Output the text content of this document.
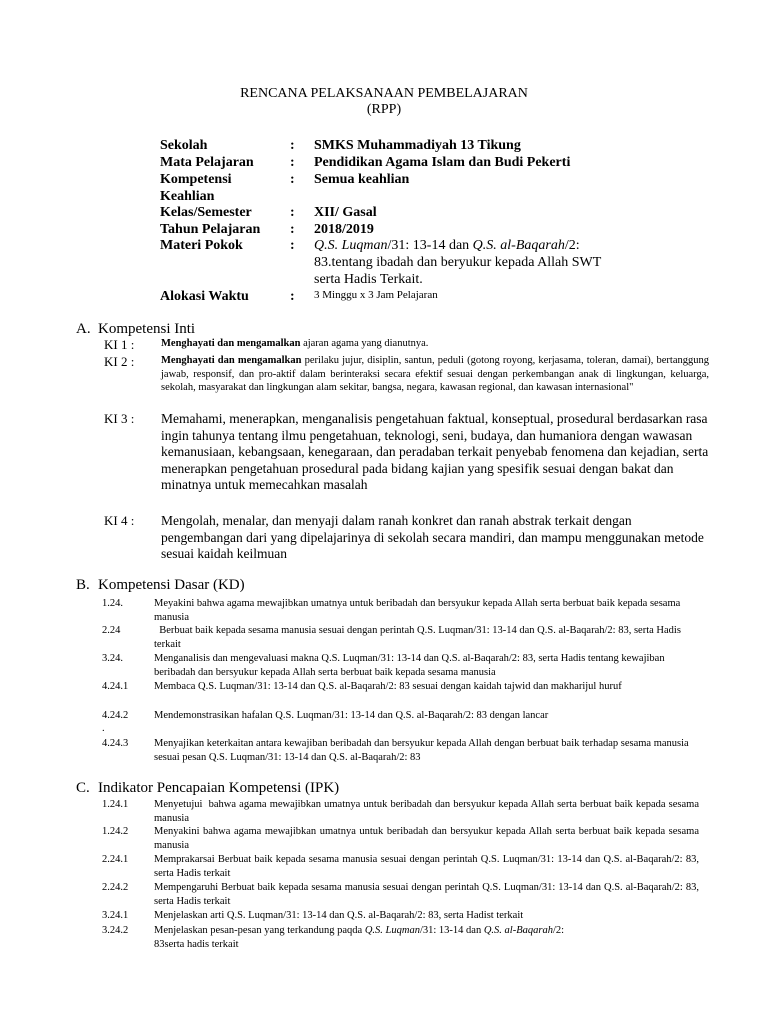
RENCANA PELAKSANAAN PEMBELAJARAN
(RPP)
Sekolah	: SMKS Muhammadiyah 13 Tikung
Mata Pelajaran	: Pendidikan Agama Islam dan Budi Pekerti
Kompetensi	: Semua keahlian
Keahlian
Kelas/Semester	: XII/ Gasal
Tahun Pelajaran	: 2018/2019
Materi Pokok	: Q.S. Luqman/31: 13-14 dan Q.S. al-Baqarah/2:
83.tentang ibadah dan beryukur kepada Allah SWT
serta Hadis Terkait.
Alokasi Waktu	: 3 Minggu x 3 Jam Pelajaran
A. Kompetensi Inti
KI 1 :	Menghayati dan mengamalkan ajaran agama yang dianutnya.
KI 2 :	Menghayati dan mengamalkan perilaku jujur, disiplin, santun, peduli (gotong royong, kerjasama, toleran, damai), bertanggung jawab, responsif, dan pro-aktif dalam berinteraksi secara efektif sesuai dengan perkembangan anak di lingkungan, keluarga, sekolah, masyarakat dan lingkungan alam sekitar, bangsa, negara, kawasan regional, dan kawasan internasional"
KI 3 : Memahami, menerapkan, menganalisis pengetahuan faktual, konseptual, prosedural berdasarkan rasa ingin tahunya tentang ilmu pengetahuan, teknologi, seni, budaya, dan humaniora dengan wawasan kemanusiaan, kebangsaan, kenegaraan, dan peradaban terkait penyebab fenomena dan kejadian, serta menerapkan pengetahuan prosedural pada bidang kajian yang spesifik sesuai dengan bakat dan minatnya untuk memecahkan masalah
KI 4 : Mengolah, menalar, dan menyaji dalam ranah konkret dan ranah abstrak terkait dengan pengembangan dari yang dipelajarinya di sekolah secara mandiri, dan mampu menggunakan metode sesuai kaidah keilmuan
B. Kompetensi Dasar (KD)
1.24.	Meyakini bahwa agama mewajibkan umatnya untuk beribadah dan bersyukur kepada Allah serta berbuat baik kepada sesama manusia
2.24	Berbuat baik kepada sesama manusia sesuai dengan perintah Q.S. Luqman/31: 13-14 dan Q.S. al-Baqarah/2: 83, serta Hadis terkait
3.24.	Menganalisis dan mengevaluasi makna Q.S. Luqman/31: 13-14 dan Q.S. al-Baqarah/2: 83, serta Hadis tentang kewajiban beribadah dan bersyukur kepada Allah serta berbuat baik kepada sesama manusia
4.24.1 Membaca Q.S. Luqman/31: 13-14 dan Q.S. al-Baqarah/2: 83 sesuai dengan kaidah tajwid dan makharijul huruf
4.24.2 Mendemonstrasikan hafalan Q.S. Luqman/31: 13-14 dan Q.S. al-Baqarah/2: 83 dengan lancar
.
4.24.3 Menyajikan keterkaitan antara kewajiban beribadah dan bersyukur kepada Allah dengan berbuat baik terhadap sesama manusia sesuai pesan Q.S. Luqman/31: 13-14 dan Q.S. al-Baqarah/2: 83
C. Indikator Pencapaian Kompetensi (IPK)
1.24.1 Menyetujui  bahwa agama mewajibkan umatnya untuk beribadah dan bersyukur kepada Allah serta berbuat baik kepada sesama manusia
1.24.2 Menyakini bahwa agama mewajibkan umatnya untuk beribadah dan bersyukur kepada Allah serta berbuat baik kepada sesama manusia
2.24.1 Memprakarsai Berbuat baik kepada sesama manusia sesuai dengan perintah Q.S. Luqman/31: 13-14 dan Q.S. al-Baqarah/2: 83, serta Hadis terkait
2.24.2 Mempengaruhi Berbuat baik kepada sesama manusia sesuai dengan perintah Q.S. Luqman/31: 13-14 dan Q.S. al-Baqarah/2: 83, serta Hadis terkait
3.24.1 Menjelaskan arti Q.S. Luqman/31: 13-14 dan Q.S. al-Baqarah/2: 83, serta Hadist terkait
3.24.2 Menjelaskan pesan-pesan yang terkandung paqda Q.S. Luqman/31: 13-14 dan Q.S. al-Baqarah/2:
83serta hadis terkait
